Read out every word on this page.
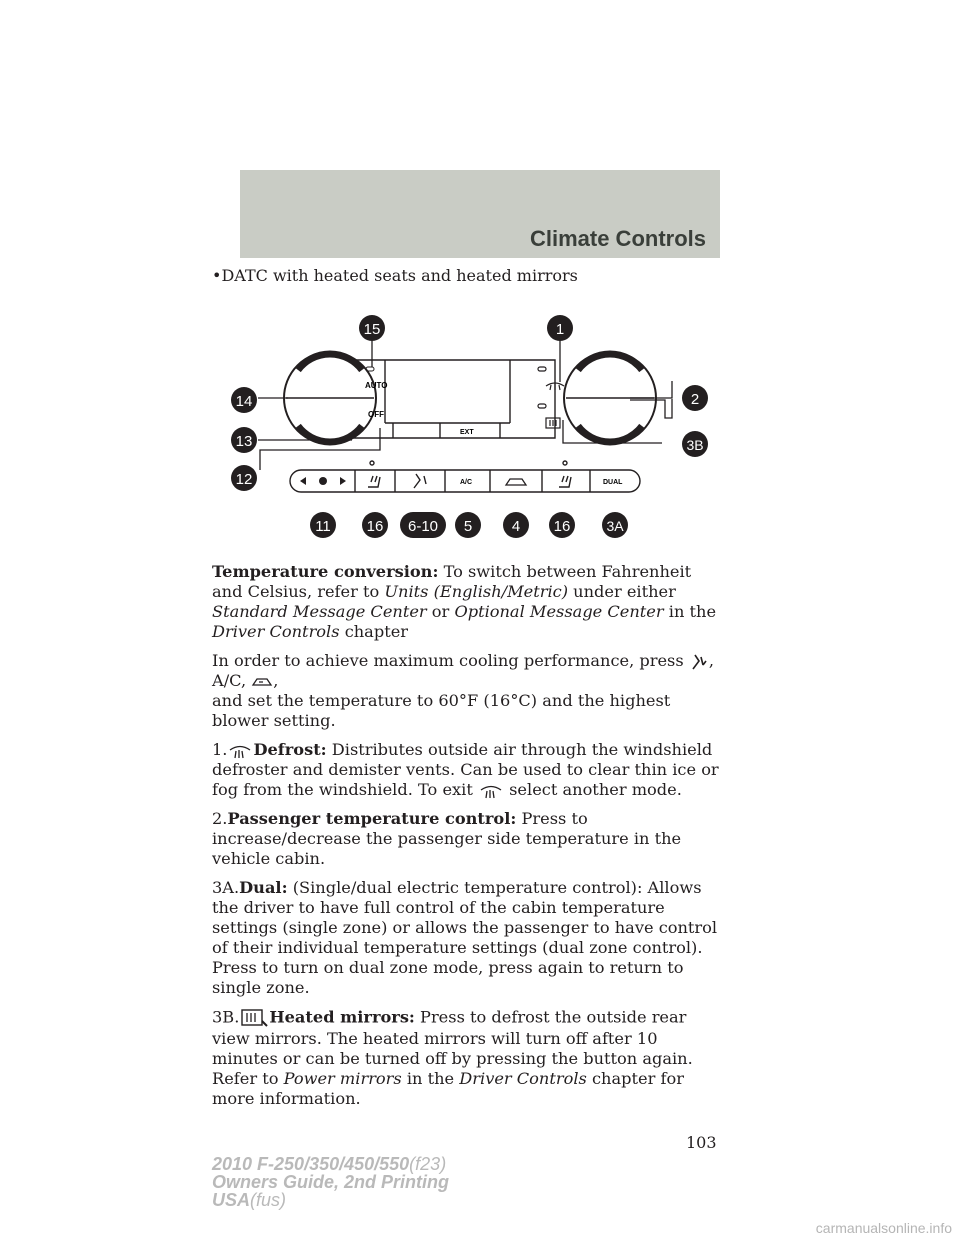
Climate Controls
•DATC with heated seats and heated mirrors
AUTO
OFF
EXT
A/C	DUAL
15	1
14	2
13	3B
12
11 16 6-10 5	4 16	3A

Temperature conversion: To switch between Fahrenheit and Celsius, refer to Units (English/Metric) under either Standard Message Center or Optional Message Center in the Driver Controls chapter

In order to achieve maximum cooling performance, press , A/C, ,
and set the temperature to 60°F (16°C) and the highest blower setting.

1. Defrost: Distributes outside air through the windshield defroster and demister vents. Can be used to clear thin ice or fog from the windshield. To exit  select another mode.

2.Passenger temperature control: Press to increase/decrease the passenger side temperature in the vehicle cabin.

3A.Dual: (Single/dual electric temperature control): Allows the driver to have full control of the cabin temperature settings (single zone) or allows the passenger to have control of their individual temperature settings (dual zone control). Press to turn on dual zone mode, press again to return to single zone.

3B. Heated mirrors: Press to defrost the outside rear view mirrors. The heated mirrors will turn off after 10 minutes or can be turned off by pressing the button again. Refer to Power mirrors in the Driver Controls chapter for more information.

103
2010 F-250/350/450/550(f23)
Owners Guide, 2nd Printing
USA(fus)
carmanualsonline.info
